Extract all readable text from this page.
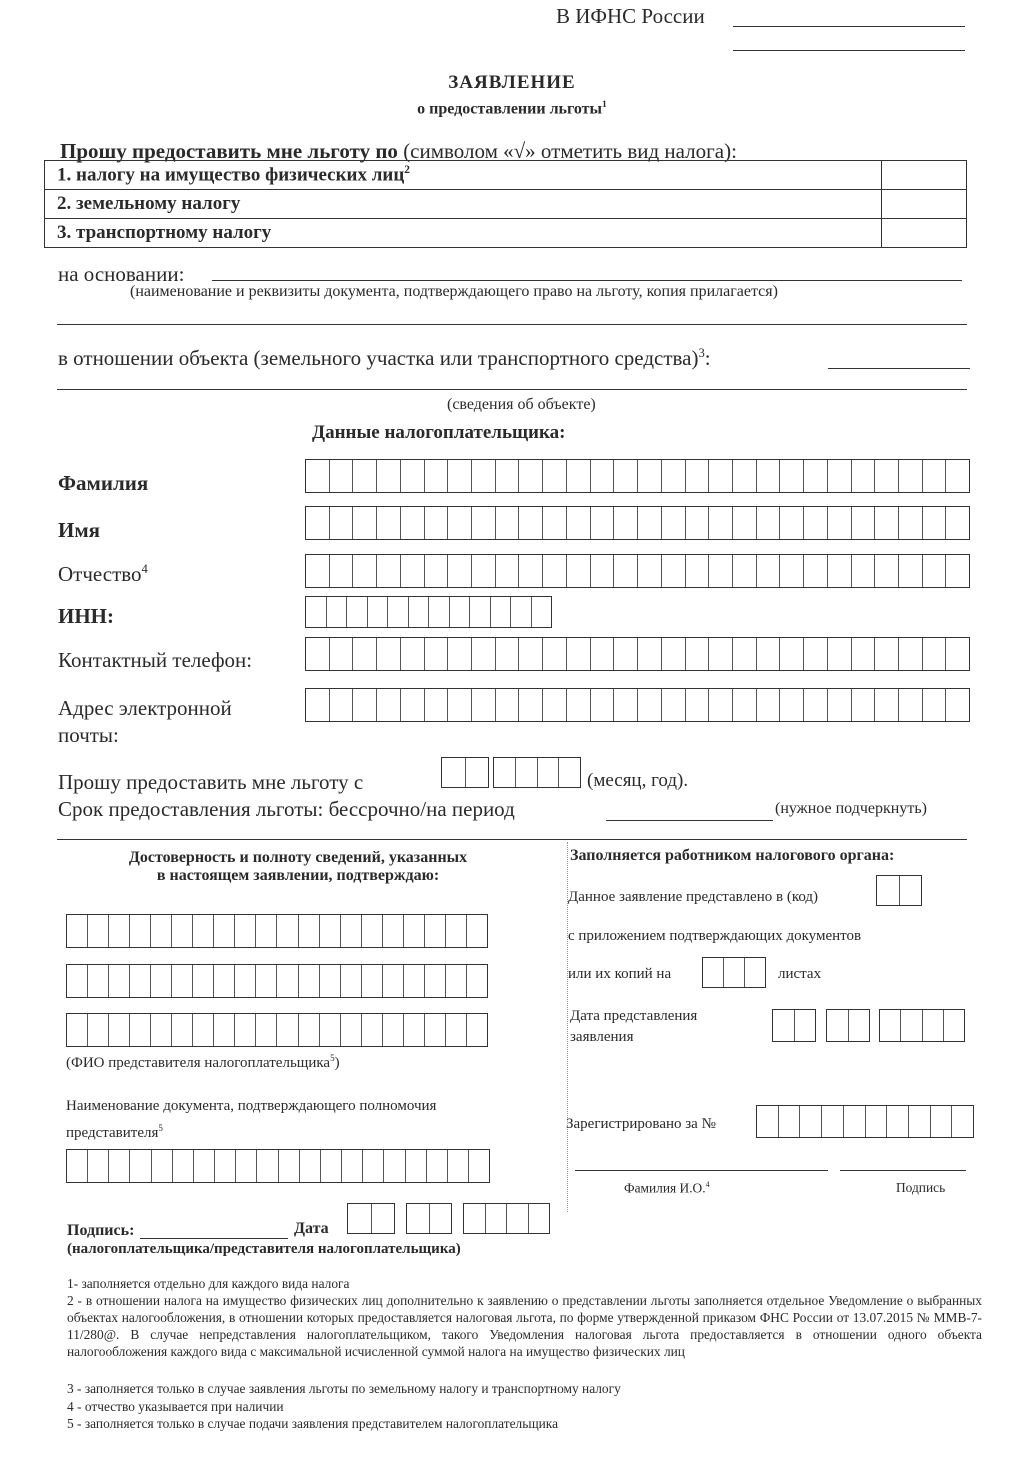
В ИФНС России
ЗАЯВЛЕНИЕ
о предоставлении льготы$^1$
Прошу предоставить мне льготу по (символом «√» отметить вид налога):
1. налогу на имущество физических лиц$^2$	
2. земельному налогу	
3. транспортному налогу	
на основании:
(наименование и реквизиты документа, подтверждающего право на льготу, копия прилагается)
в отношении объекта (земельного участка или транспортного средства)$^3$:
(сведения об объекте)
Данные налогоплательщика:
Фамилия
Имя
Отчество$^4$
ИНН:
Контактный телефон:
Адрес электронной
почты:
Прошу предоставить мне льготу с	(месяц, год).
Срок предоставления льготы: бессрочно/на период	(нужное подчеркнуть)
Достоверность и полноту сведений, указанных
в настоящем заявлении, подтверждаю:
(ФИО представителя налогоплательщика$^5$)
Наименование документа, подтверждающего полномочия
представителя$^5$
Подпись:	Дата
(налогоплательщика/представителя налогоплательщика)
Заполняется работником налогового органа:
Данное заявление представлено в (код)
с приложением подтверждающих документов
или их копий на	листах
Дата представления
заявления
Зарегистрировано за №
Фамилия И.О.$^4$	Подпись
1- заполняется отдельно для каждого вида налога
2 - в отношении налога на имущество физических лиц дополнительно к заявлению о представлении льготы заполняется отдельное Уведомление о выбранных объектах налогообложения, в отношении которых предоставляется налоговая льгота, по форме утвержденной приказом ФНС России от 13.07.2015 № ММВ-7-11/280@. В случае непредставления налогоплательщиком, такого Уведомления налоговая льгота предоставляется в отношении одного объекта налогообложения каждого вида с максимальной исчисленной суммой налога на имущество физических лиц
3 - заполняется только в случае заявления льготы по земельному налогу и транспортному налогу
4 - отчество указывается при наличии
5 - заполняется только в случае подачи заявления представителем налогоплательщика
